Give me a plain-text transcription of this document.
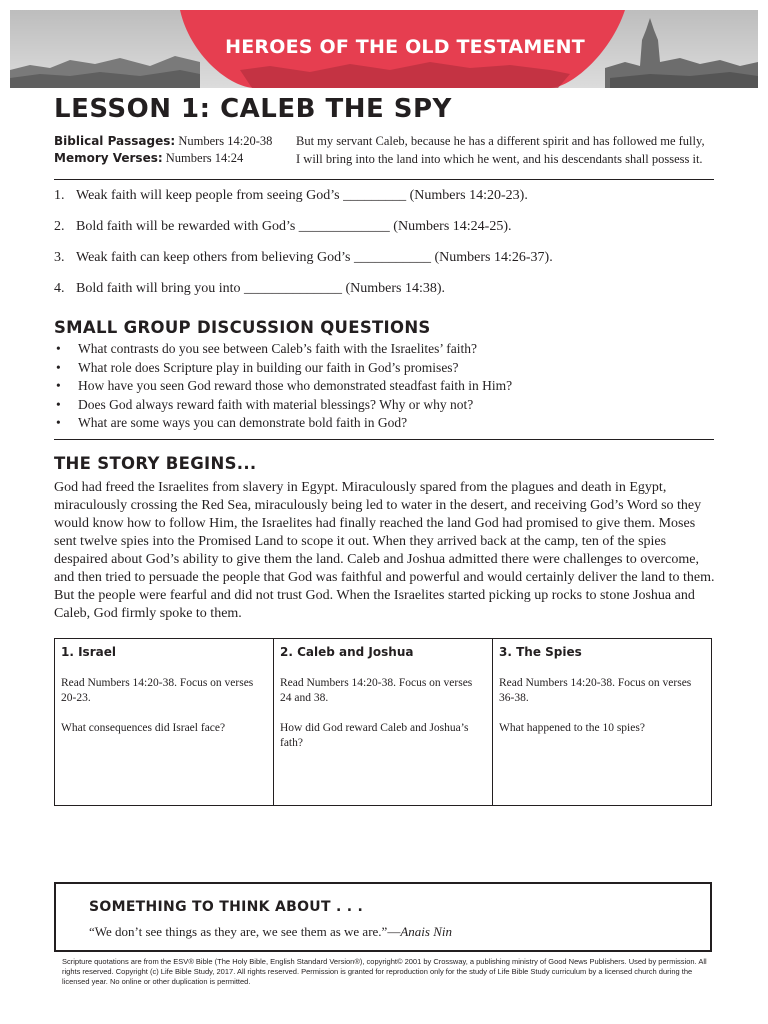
HEROES OF THE OLD TESTAMENT
LESSON 1: CALEB THE SPY
Biblical Passages: Numbers 14:20-38
Memory Verses: Numbers 14:24
But my servant Caleb, because he has a different spirit and has followed me fully, I will bring into the land into which he went, and his descendants shall possess it.
1. Weak faith will keep people from seeing God’s _________ (Numbers 14:20-23).
2. Bold faith will be rewarded with God’s _____________ (Numbers 14:24-25).
3. Weak faith can keep others from believing God’s ___________ (Numbers 14:26-37).
4. Bold faith will bring you into ______________ (Numbers 14:38).
SMALL GROUP DISCUSSION QUESTIONS
•	What contrasts do you see between Caleb’s faith with the Israelites’ faith?
•	What role does Scripture play in building our faith in God’s promises?
•	How have you seen God reward those who demonstrated steadfast faith in Him?
•	Does God always reward faith with material blessings? Why or why not?
•	What are some ways you can demonstrate bold faith in God?
THE STORY BEGINS...

God had freed the Israelites from slavery in Egypt. Miraculously spared from the plagues and death in Egypt, miraculously crossing the Red Sea, miraculously being led to water in the desert, and receiving God’s Word so they would know how to follow Him, the Israelites had finally reached the land God had promised to give them. Moses sent twelve spies into the Promised Land to scope it out. When they arrived back at the camp, ten of the spies despaired about God’s ability to give them the land. Caleb and Joshua admitted there were challenges to overcome, and then tried to persuade the people that God was faithful and powerful and would certainly deliver the land to them. But the people were fearful and did not trust God. When the Israelites started picking up rocks to stone Joshua and Caleb, God firmly spoke to them.

1. Israel

Read Numbers 14:20-38. Focus on verses 20-23.

What consequences did Israel face?

2. Caleb and Joshua

Read Numbers 14:20-38. Focus on verses 24 and 38.

How did God reward Caleb and Joshua’s fath?

3. The Spies

Read Numbers 14:20-38. Focus on verses 36-38.

What happened to the 10 spies?

SOMETHING TO THINK ABOUT . . .
“We don’t see things as they are, we see them as we are.”—Anais Nin

Scripture quotations are from the ESV® Bible (The Holy Bible, English Standard Version®), copyright© 2001 by Crossway, a publishing ministry of Good News Publishers. Used by permission. All rights reserved. Copyright (c) Life Bible Study, 2017. All rights reserved. Permission is granted for reproduction only for the study of Life Bible Study curriculum by a licensed church during the licensed year. No online or other duplication is permitted.
